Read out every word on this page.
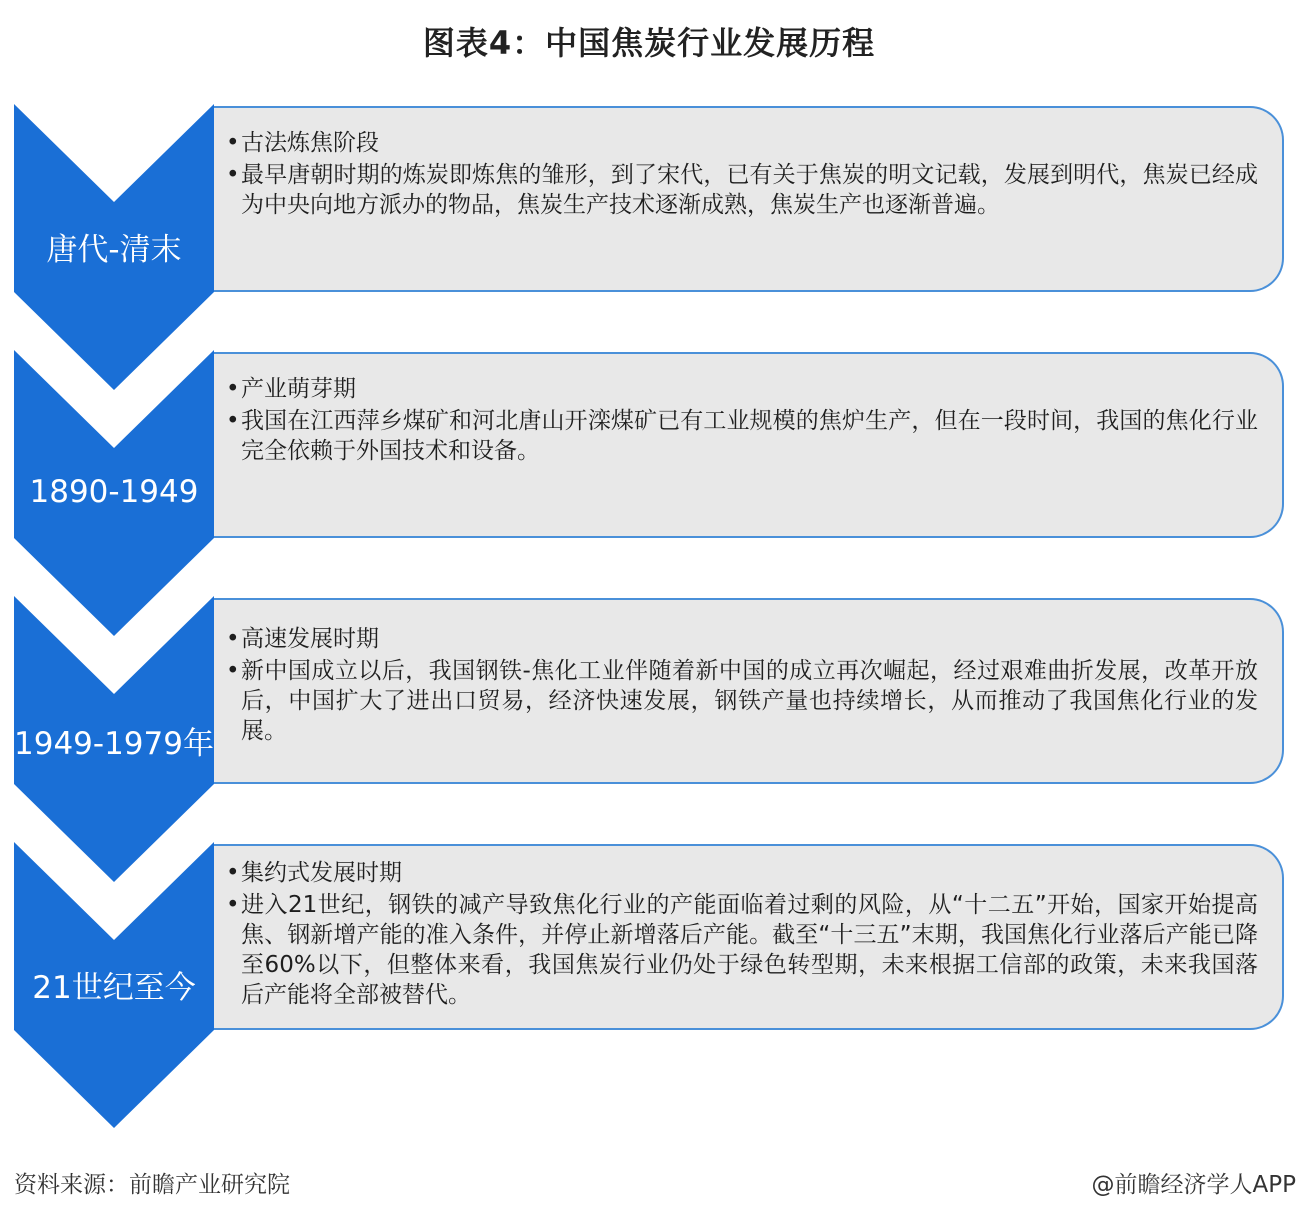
图表4：中国焦炭行业发展历程
唐代-清末
• 古法炼焦阶段
• 最早唐朝时期的炼炭即炼焦的雏形，到了宋代，已有关于焦炭的明文记载，发展到明代，焦炭已经成为中央向地方派办的物品，焦炭生产技术逐渐成熟，焦炭生产也逐渐普遍。
1890-1949
• 产业萌芽期
• 我国在江西萍乡煤矿和河北唐山开滦煤矿已有工业规模的焦炉生产，但在一段时间，我国的焦化行业完全依赖于外国技术和设备。
1949-1979年
• 高速发展时期
• 新中国成立以后，我国钢铁-焦化工业伴随着新中国的成立再次崛起，经过艰难曲折发展，改革开放后，中国扩大了进出口贸易，经济快速发展，钢铁产量也持续增长，从而推动了我国焦化行业的发展。
21世纪至今
• 集约式发展时期
• 进入21世纪，钢铁的减产导致焦化行业的产能面临着过剩的风险，从“十二五”开始，国家开始提高焦、钢新增产能的准入条件，并停止新增落后产能。截至“十三五”末期，我国焦化行业落后产能已降至60%以下，但整体来看，我国焦炭行业仍处于绿色转型期，未来根据工信部的政策，未来我国落后产能将全部被替代。
资料来源：前瞻产业研究院	@前瞻经济学人APP
